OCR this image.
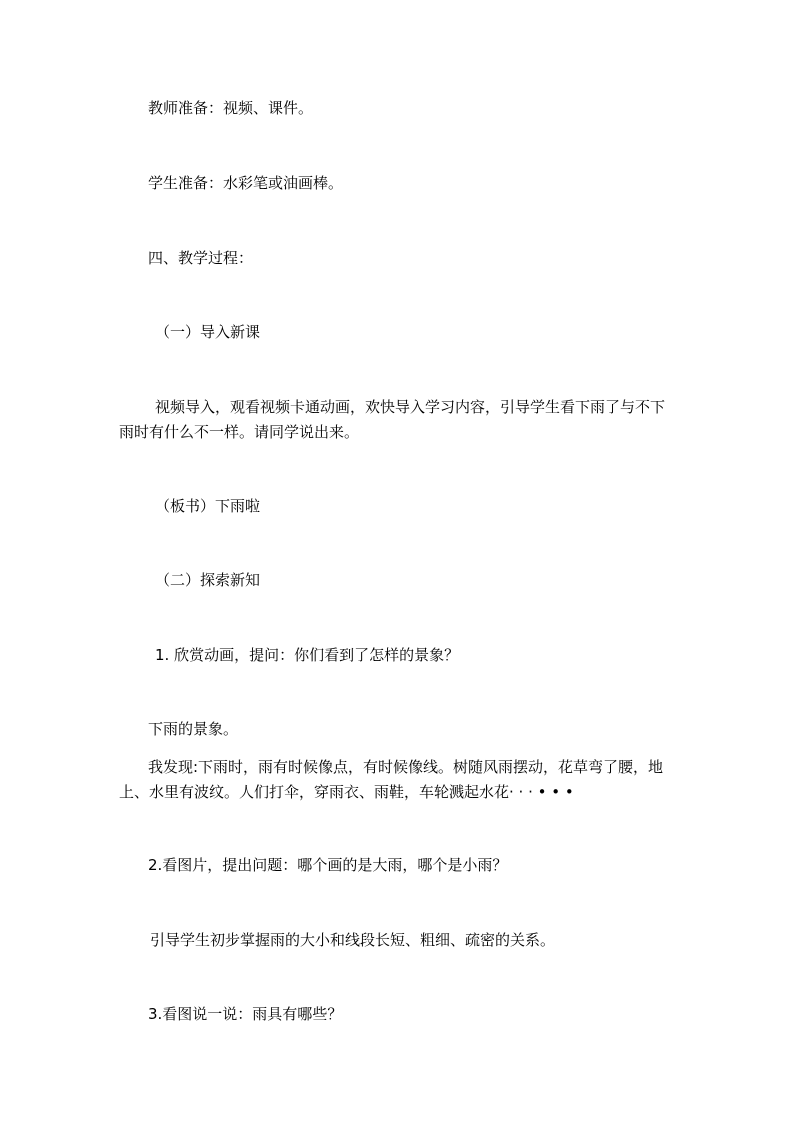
教师准备：视频、课件。

学生准备：水彩笔或油画棒。

四、教学过程：

（一）导入新课

视频导入，观看视频卡通动画，欢快导入学习内容，引导学生看下雨了与不下雨时有什么不一样。请同学说出来。

（板书）下雨啦

（二）探索新知

1. 欣赏动画，提问：你们看到了怎样的景象？

下雨的景象。

我发现:下雨时，雨有时候像点，有时候像线。树随风雨摆动，花草弯了腰，地上、水里有波纹。人们打伞，穿雨衣、雨鞋，车轮溅起水花· · · • • •

2.看图片，提出问题：哪个画的是大雨，哪个是小雨？

引导学生初步掌握雨的大小和线段长短、粗细、疏密的关系。

3.看图说一说：雨具有哪些？
